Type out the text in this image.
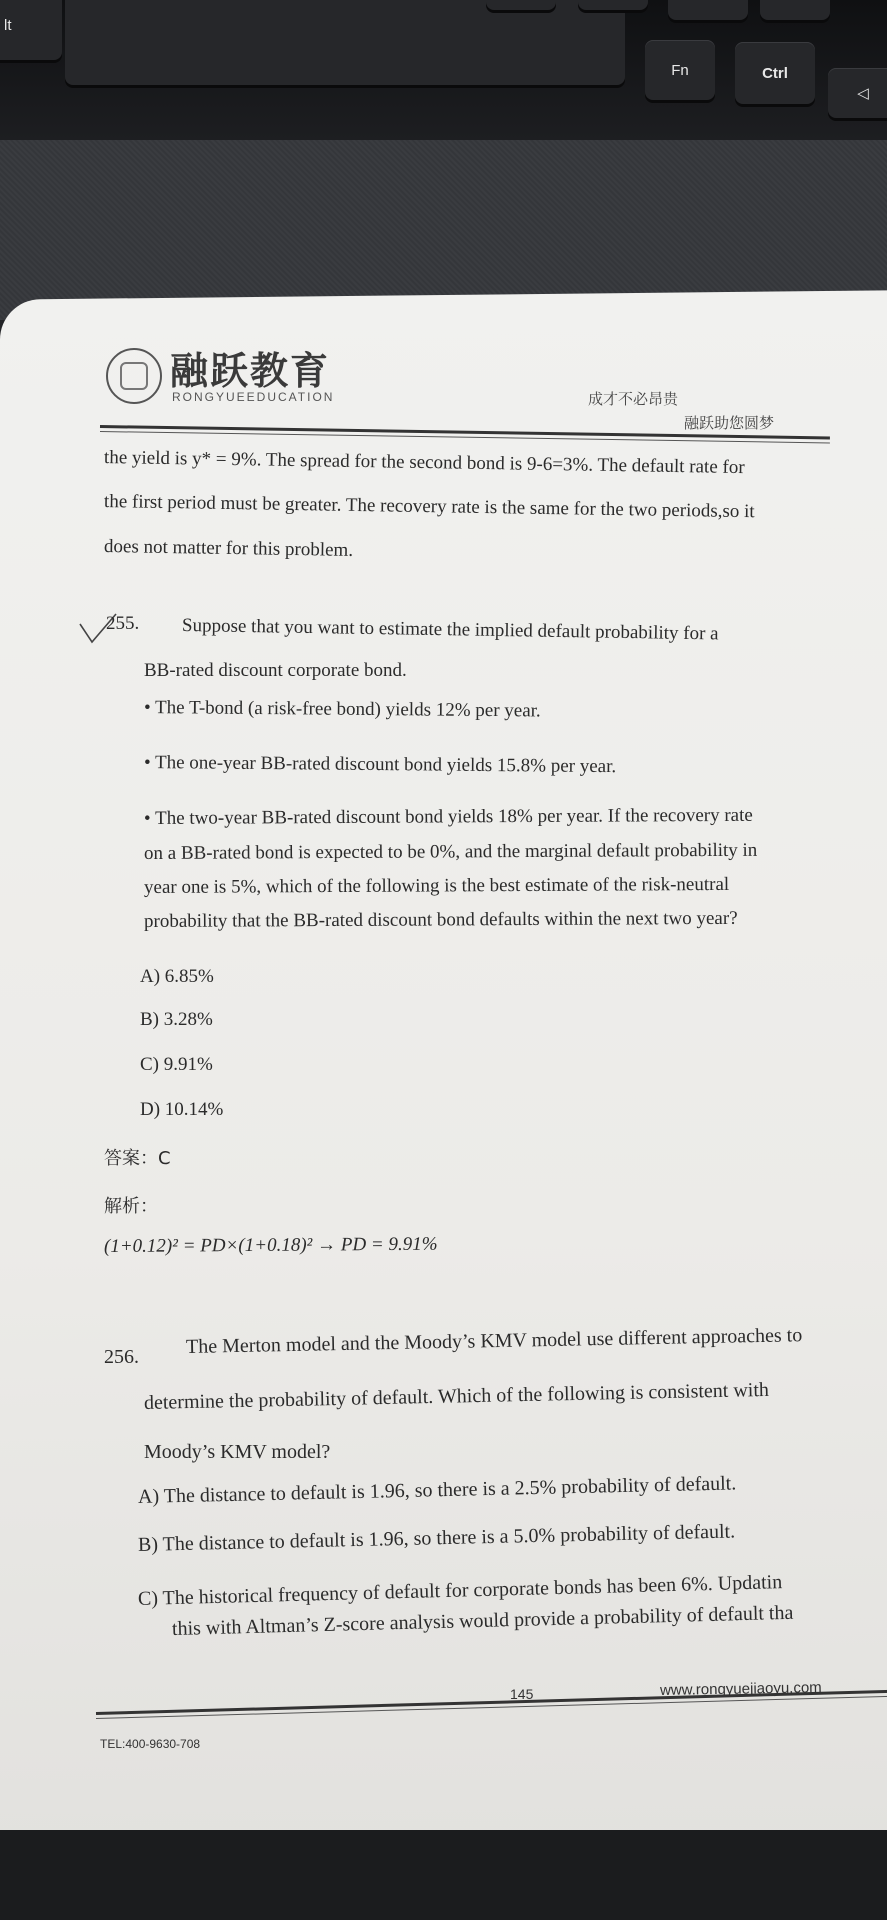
lt
Fn	Ctrl
◁
融跃教育
RONGYUEEDUCATION	成才不必昂贵
融跃助您圆梦
the yield is y* = 9%. The spread for the second bond is 9-6=3%. The default rate for
the first period must be greater. The recovery rate is the same for the two periods,so it
does not matter for this problem.
255. Suppose that you want to estimate the implied default probability for a
BB-rated discount corporate bond.
• The T-bond (a risk-free bond) yields 12% per year.
• The one-year BB-rated discount bond yields 15.8% per year.
• The two-year BB-rated discount bond yields 18% per year. If the recovery rate
on a BB-rated bond is expected to be 0%, and the marginal default probability in
year one is 5%, which of the following is the best estimate of the risk-neutral
probability that the BB-rated discount bond defaults within the next two year?
A) 6.85%
B) 3.28%
C) 9.91%
D) 10.14%
答案：C
解析：
(1+0.12)² = PD×(1+0.18)² → PD = 9.91%
256. The Merton model and the Moody’s KMV model use different approaches to
determine the probability of default. Which of the following is consistent with
Moody’s KMV model?
A) The distance to default is 1.96, so there is a 2.5% probability of default.
B) The distance to default is 1.96, so there is a 5.0% probability of default.
C) The historical frequency of default for corporate bonds has been 6%. Updatin
this with Altman’s Z-score analysis would provide a probability of default tha
145	www.rongyuejiaoyu.com
TEL:400-9630-708
